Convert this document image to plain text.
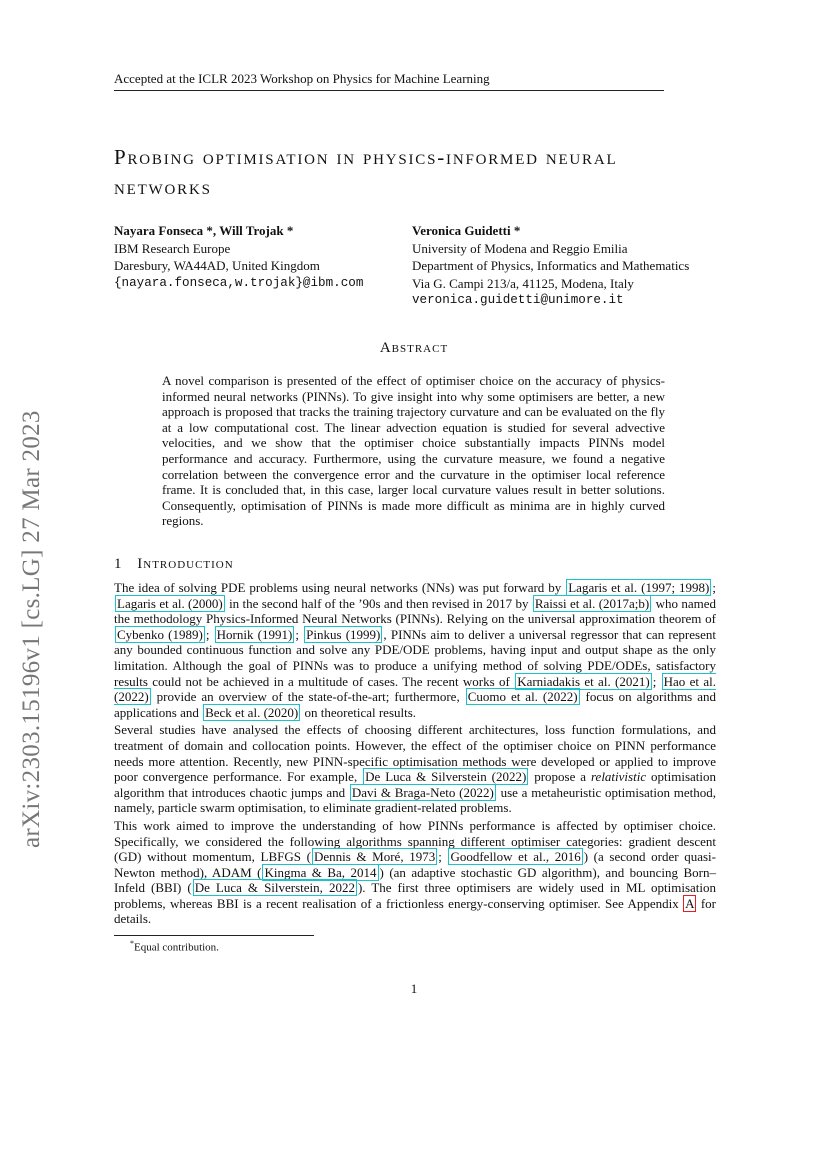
Accepted at the ICLR 2023 Workshop on Physics for Machine Learning
arXiv:2303.15196v1 [cs.LG] 27 Mar 2023
Probing optimisation in physics-informed neural
networks
Nayara Fonseca *, Will Trojak *
IBM Research Europe
Daresbury, WA44AD, United Kingdom
{nayara.fonseca,w.trojak}@ibm.com
Veronica Guidetti *
University of Modena and Reggio Emilia
Department of Physics, Informatics and Mathematics
Via G. Campi 213/a, 41125, Modena, Italy
veronica.guidetti@unimore.it
Abstract
A novel comparison is presented of the effect of optimiser choice on the accuracy of physics-informed neural networks (PINNs). To give insight into why some optimisers are better, a new approach is proposed that tracks the training trajectory curvature and can be evaluated on the fly at a low computational cost. The linear advection equation is studied for several advective velocities, and we show that the optimiser choice substantially impacts PINNs model performance and accuracy. Furthermore, using the curvature measure, we found a negative correlation between the convergence error and the curvature in the optimiser local reference frame. It is concluded that, in this case, larger local curvature values result in better solutions. Consequently, optimisation of PINNs is made more difficult as minima are in highly curved regions.
1 Introduction

The idea of solving PDE problems using neural networks (NNs) was put forward by Lagaris et al. (1997; 1998) ; Lagaris et al. (2000) in the second half of the ’90s and then revised in 2017 by Raissi et al. (2017a;b) who named the methodology Physics-Informed Neural Networks (PINNs). Relying on the universal approximation theorem of Cybenko (1989) ; Hornik (1991) ; Pinkus (1999) , PINNs aim to deliver a universal regressor that can represent any bounded continuous function and solve any PDE/ODE problems, having input and output shape as the only limitation. Although the goal of PINNs was to produce a unifying method of solving PDE/ODEs, satisfactory results could not be achieved in a multitude of cases. The recent works of Karniadakis et al. (2021) ; Hao et al. (2022) provide an overview of the state-of-the-art; furthermore, Cuomo et al. (2022) focus on algorithms and applications and Beck et al. (2020) on theoretical results.

Several studies have analysed the effects of choosing different architectures, loss function formulations, and treatment of domain and collocation points. However, the effect of the optimiser choice on PINN performance needs more attention. Recently, new PINN-specific optimisation methods were developed or applied to improve poor convergence performance. For example, De Luca & Silverstein (2022) propose a relativistic optimisation algorithm that introduces chaotic jumps and Davi & Braga-Neto (2022) use a metaheuristic optimisation method, namely, particle swarm optimisation, to eliminate gradient-related problems.

This work aimed to improve the understanding of how PINNs performance is affected by optimiser choice. Specifically, we considered the following algorithms spanning different optimiser categories: gradient descent (GD) without momentum, LBFGS ( Dennis & Moré, 1973 ; Goodfellow et al., 2016 ) (a second order quasi-Newton method), ADAM ( Kingma & Ba, 2014 ) (an adaptive stochastic GD algorithm), and bouncing Born–Infeld (BBI) ( De Luca & Silverstein, 2022 ). The first three optimisers are widely used in ML optimisation problems, whereas BBI is a recent realisation of a frictionless energy-conserving optimiser. See Appendix A for details.

*Equal contribution.
1
